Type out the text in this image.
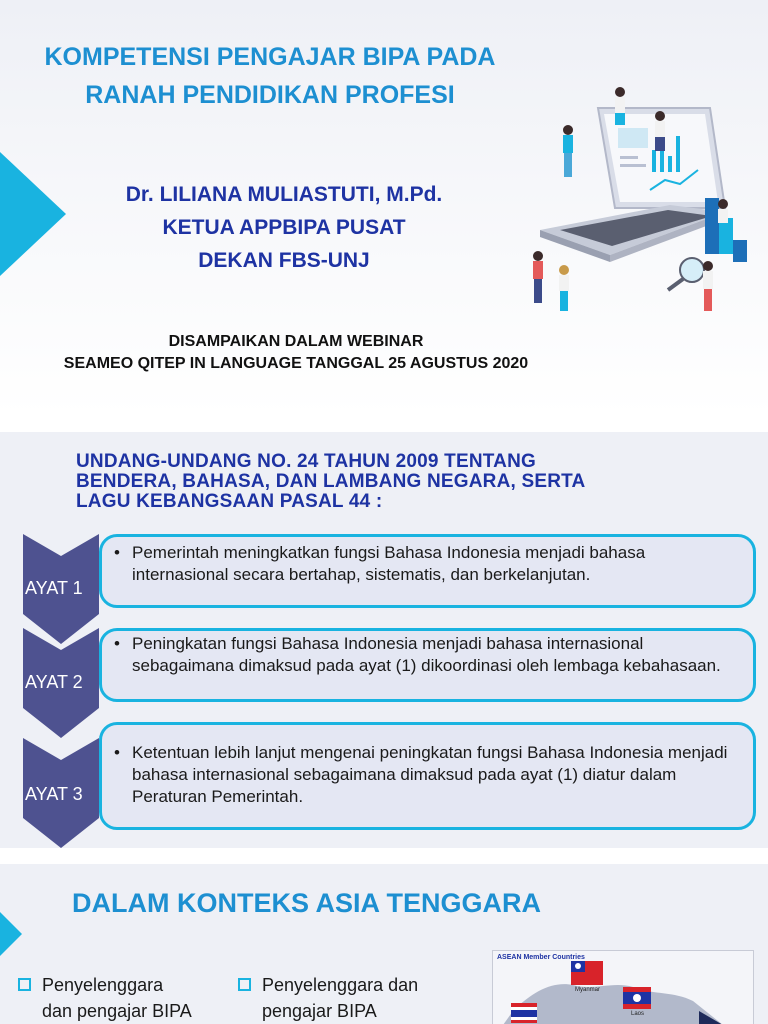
KOMPETENSI PENGAJAR BIPA PADA
RANAH PENDIDIKAN PROFESI
Dr. LILIANA MULIASTUTI, M.Pd.
KETUA APPBIPA PUSAT
DEKAN FBS-UNJ
DISAMPAIKAN DALAM WEBINAR
SEAMEO QITEP IN LANGUAGE TANGGAL 25 AGUSTUS 2020
UNDANG-UNDANG NO. 24 TAHUN 2009 TENTANG
BENDERA, BAHASA, DAN LAMBANG NEGARA, SERTA
LAGU KEBANGSAAN PASAL 44 :
AYAT 1
• Pemerintah meningkatkan fungsi Bahasa Indonesia menjadi bahasa internasional secara bertahap, sistematis, dan berkelanjutan.
AYAT 2
• Peningkatan fungsi Bahasa Indonesia menjadi bahasa internasional sebagaimana dimaksud pada ayat (1) dikoordinasi oleh lembaga kebahasaan.
AYAT 3
• Ketentuan lebih lanjut mengenai peningkatan fungsi Bahasa Indonesia menjadi bahasa internasional sebagaimana dimaksud pada ayat (1) diatur dalam Peraturan Pemerintah.
DALAM KONTEKS ASIA TENGGARA
Penyelenggara
dan pengajar BIPA
Penyelenggara dan
pengajar BIPA
ASEAN Member Countries
Myanmar
Laos
